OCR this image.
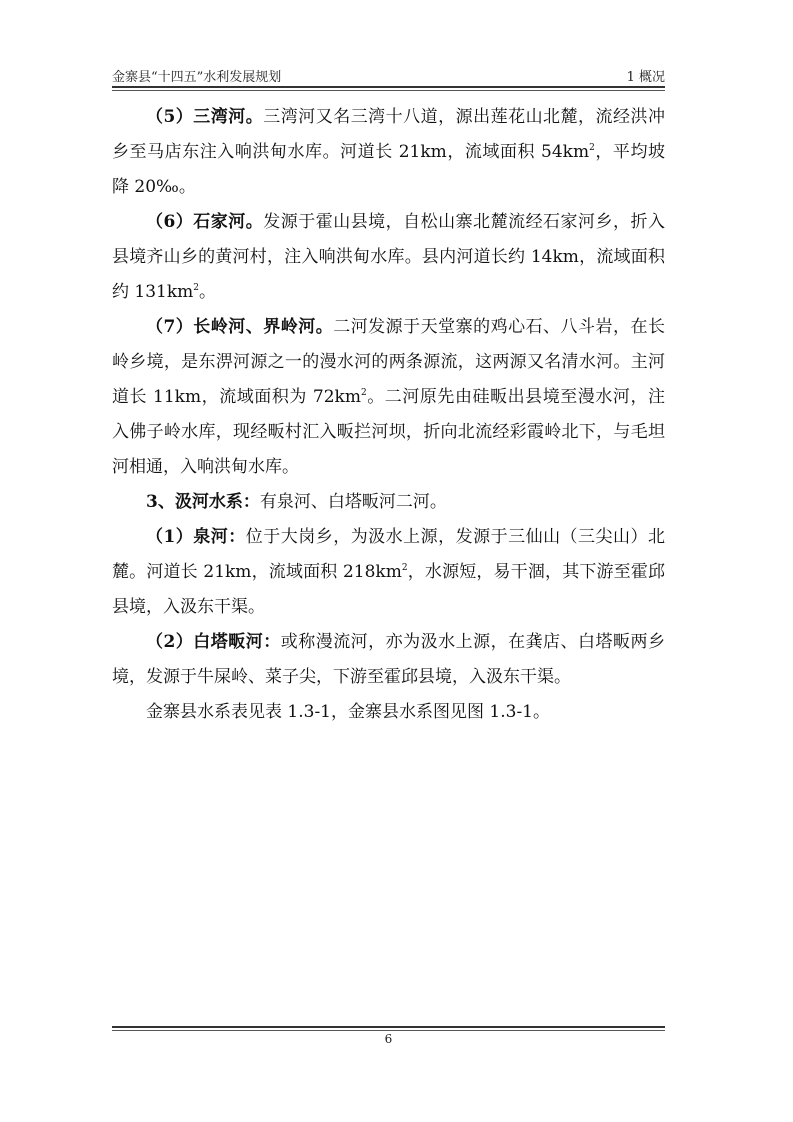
金寨县“十四五”水利发展规划	1 概况

（5）三湾河。三湾河又名三湾十八道，源出莲花山北麓，流经洪冲乡至马店东注入响洪甸水库。河道长 21km，流域面积 $54km^2$，平均坡降 20‰。

（6）石家河。发源于霍山县境，自松山寨北麓流经石家河乡，折入县境齐山乡的黄河村，注入响洪甸水库。县内河道长约 14km，流域面积约 $131km^2$。

（7）长岭河、界岭河。二河发源于天堂寨的鸡心石、八斗岩，在长岭乡境，是东淠河源之一的漫水河的两条源流，这两源又名清水河。主河道长 11km，流域面积为 $72km^2$。二河原先由硅畈出县境至漫水河，注入佛子岭水库，现经畈村汇入畈拦河坝，折向北流经彩霞岭北下，与毛坦河相通，入响洪甸水库。

3、汲河水系：有泉河、白塔畈河二河。

（1）泉河：位于大岗乡，为汲水上源，发源于三仙山（三尖山）北麓。河道长 21km，流域面积 $218km^2$，水源短，易干涸，其下游至霍邱县境，入汲东干渠。

（2）白塔畈河：或称漫流河，亦为汲水上源，在龚店、白塔畈两乡境，发源于牛屎岭、菜子尖，下游至霍邱县境，入汲东干渠。

金寨县水系表见表 1.3-1，金寨县水系图见图 1.3-1。

6
